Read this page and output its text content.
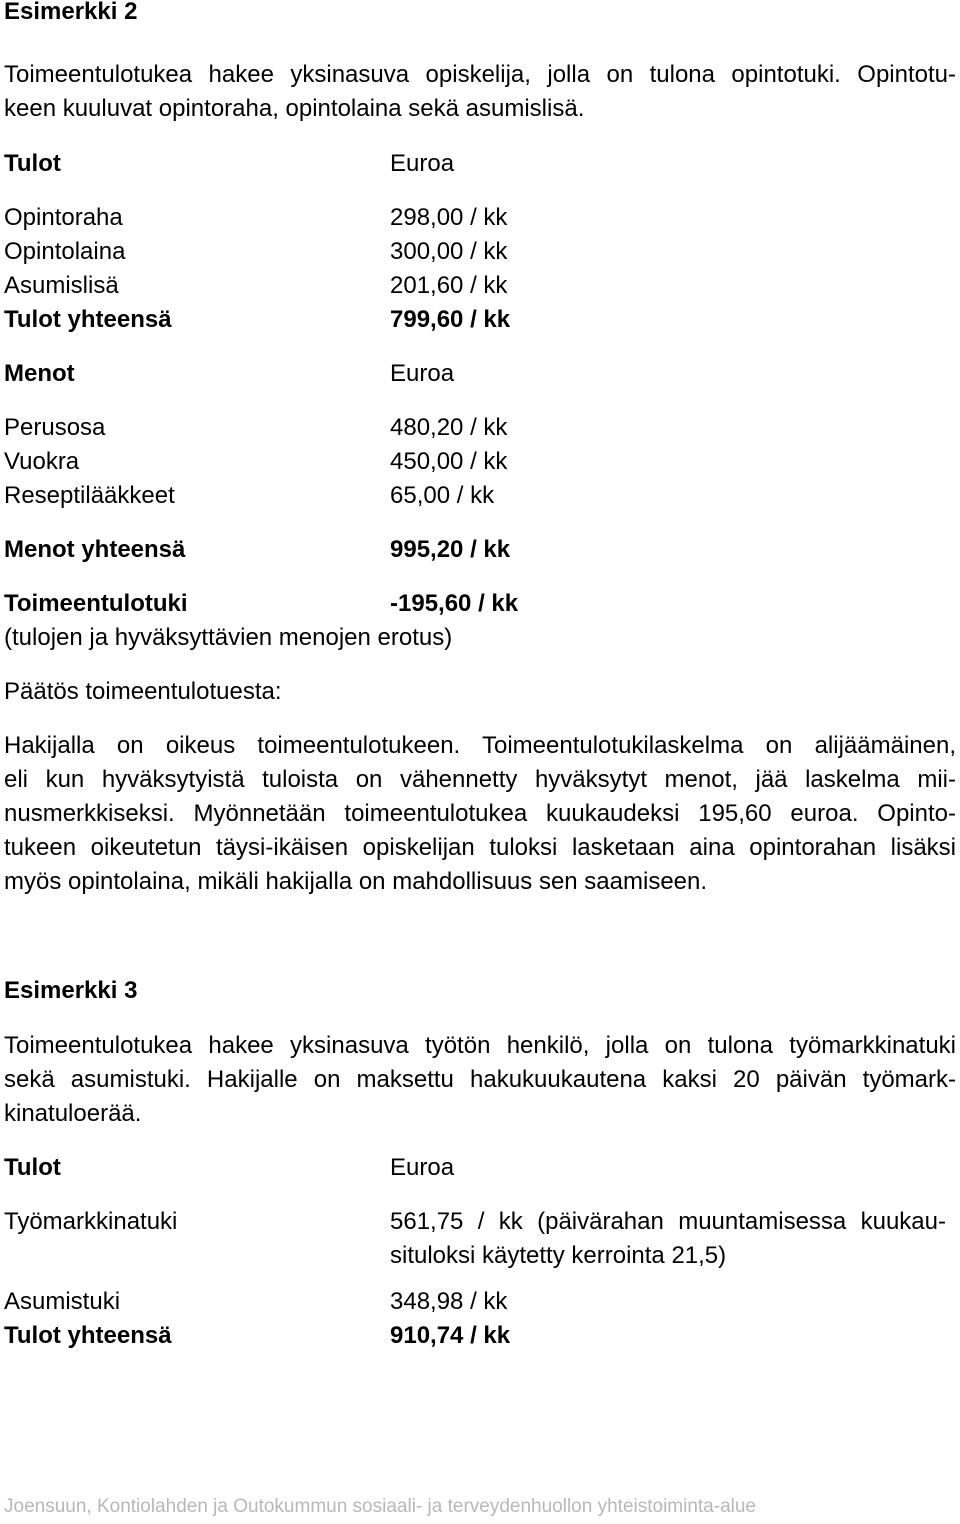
Esimerkki 2
Toimeentulotukea hakee yksinasuva opiskelija, jolla on tulona opintotuki. Opintotu-
keen kuuluvat opintoraha, opintolaina sekä asumislisä.
Tulot	Euroa
Opintoraha	298,00 / kk
Opintolaina	300,00 / kk
Asumislisä	201,60 / kk
Tulot yhteensä	799,60 / kk
Menot	Euroa
Perusosa	480,20 / kk
Vuokra	450,00 / kk
Reseptilääkkeet	65,00 / kk
Menot yhteensä	995,20 / kk
Toimeentulotuki	-195,60 / kk
(tulojen ja hyväksyttävien menojen erotus)
Päätös toimeentulotuesta:
Hakijalla on oikeus toimeentulotukeen. Toimeentulotukilaskelma on alijäämäinen,
eli kun hyväksytyistä tuloista on vähennetty hyväksytyt menot, jää laskelma mii-
nusmerkkiseksi. Myönnetään toimeentulotukea kuukaudeksi 195,60 euroa. Opinto-
tukeen oikeutetun täysi-ikäisen opiskelijan tuloksi lasketaan aina opintorahan lisäksi
myös opintolaina, mikäli hakijalla on mahdollisuus sen saamiseen.
Esimerkki 3
Toimeentulotukea hakee yksinasuva työtön henkilö, jolla on tulona työmarkkinatuki
sekä asumistuki. Hakijalle on maksettu hakukuukautena kaksi 20 päivän työmark-
kinatuloerää.
Tulot	Euroa
Työmarkkinatuki	561,75 / kk (päivärahan muuntamisessa kuukau-
situloksi käytetty kerrointa 21,5)
Asumistuki	348,98 / kk
Tulot yhteensä	910,74 / kk
Joensuun, Kontiolahden ja Outokummun sosiaali- ja terveydenhuollon yhteistoiminta-alue
